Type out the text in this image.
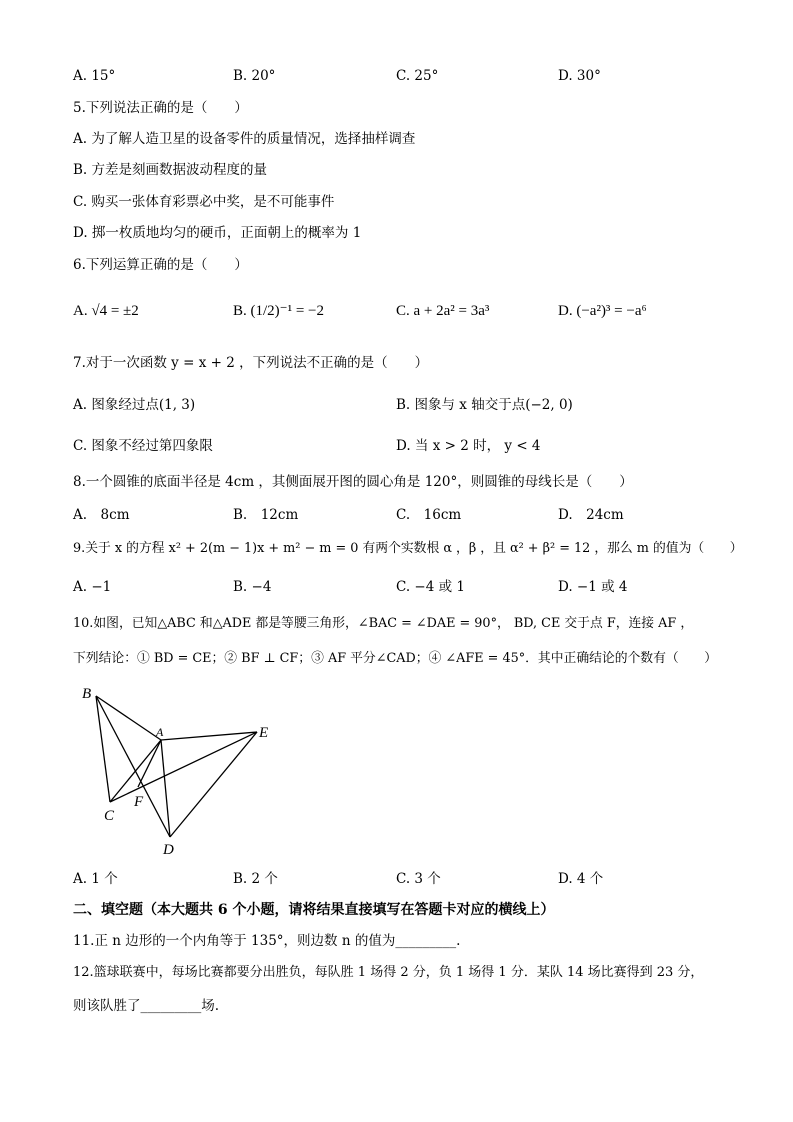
A. 15°	B. 20°	C. 25°	D. 30°
5.下列说法正确的是（　　）
A. 为了解人造卫星的设备零件的质量情况，选择抽样调查
B. 方差是刻画数据波动程度的量
C. 购买一张体育彩票必中奖，是不可能事件
D. 掷一枚质地均匀的硬币，正面朝上的概率为 1
6.下列运算正确的是（　　）
A. √4 = ±2	B. (1/2)⁻¹ = −2	C. a + 2a² = 3a³	D. (−a²)³ = −a⁶
7.对于一次函数 y = x + 2 ，下列说法不正确的是（　　）
A. 图象经过点(1, 3)	B. 图象与 x 轴交于点(−2, 0)
C. 图象不经过第四象限	D. 当 x > 2 时， y < 4
8.一个圆锥的底面半径是 4cm ，其侧面展开图的圆心角是 120°，则圆锥的母线长是（　　）
A.　8cm	B.　12cm	C.　16cm	D.　24cm
9.关于 x 的方程 x² + 2(m − 1)x + m² − m = 0 有两个实数根 α ，β ，且 α² + β² = 12 ，那么 m 的值为（　　）
A. −1	B. −4	C. −4 或 1	D. −1 或 4
10.如图，已知△ABC 和△ADE 都是等腰三角形，∠BAC = ∠DAE = 90°， BD, CE 交于点 F，连接 AF ，
下列结论：① BD = CE；② BF ⊥ CF；③ AF 平分∠CAD；④ ∠AFE = 45°．其中正确结论的个数有（　　）
B
A	E
F
C
D
A. 1 个	B. 2 个	C. 3 个	D. 4 个
二、填空题（本大题共 6 个小题，请将结果直接填写在答题卡对应的横线上）
11.正 n 边形的一个内角等于 135°，则边数 n 的值为_________.
12.篮球联赛中，每场比赛都要分出胜负，每队胜 1 场得 2 分，负 1 场得 1 分．某队 14 场比赛得到 23 分，
则该队胜了_________场.
